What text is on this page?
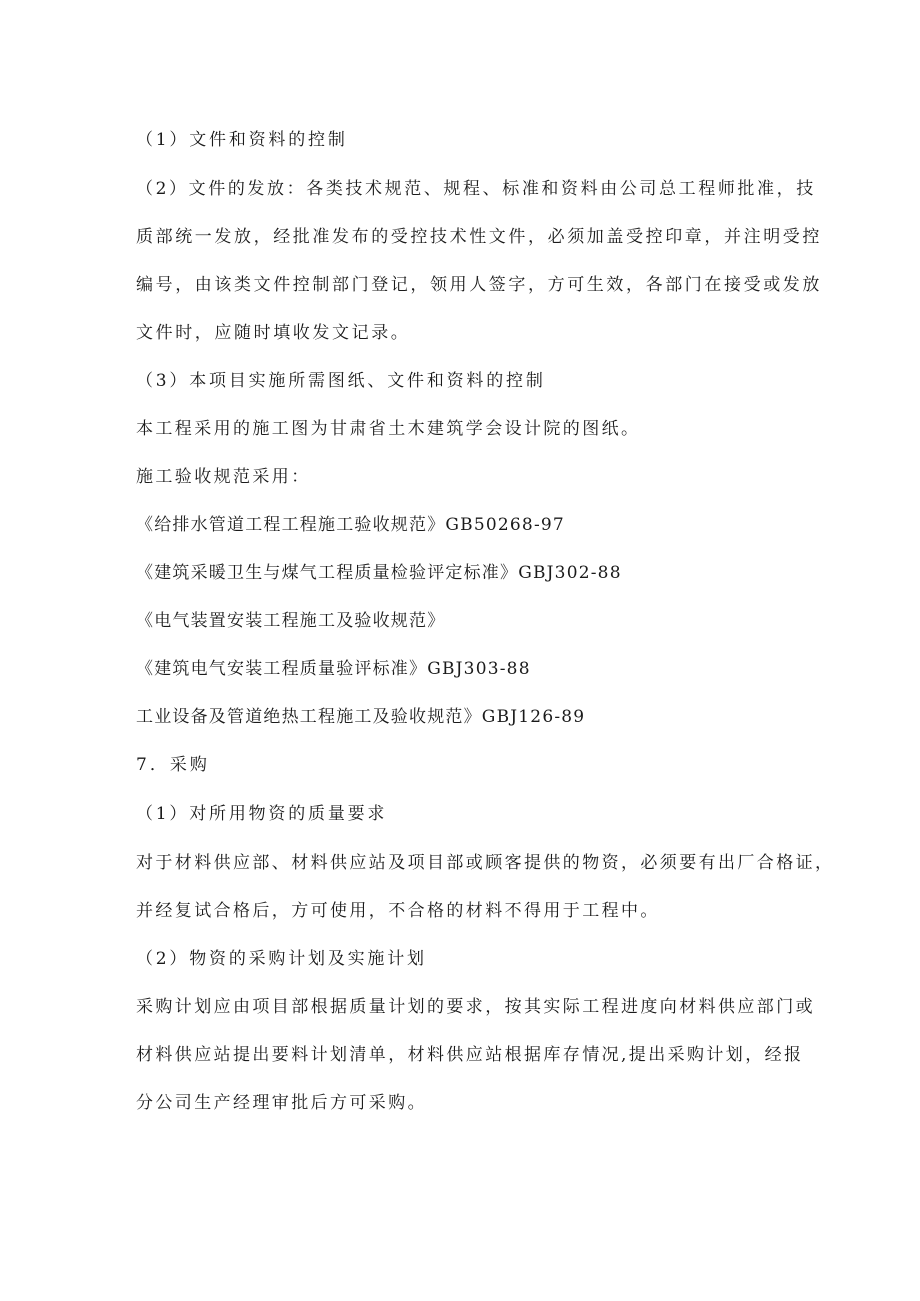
（1）文件和资料的控制

（2）文件的发放：各类技术规范、规程、标准和资料由公司总工程师批准，技

质部统一发放，经批准发布的受控技术性文件，必须加盖受控印章，并注明受控

编号，由该类文件控制部门登记，领用人签字，方可生效，各部门在接受或发放

文件时，应随时填收发文记录。

（3）本项目实施所需图纸、文件和资料的控制

本工程采用的施工图为甘肃省土木建筑学会设计院的图纸。

施工验收规范采用：

《给排水管道工程工程施工验收规范》GB50268-97

《建筑采暖卫生与煤气工程质量检验评定标准》GBJ302-88

《电气装置安装工程施工及验收规范》

《建筑电气安装工程质量验评标准》GBJ303-88

工业设备及管道绝热工程施工及验收规范》GBJ126-89

7．采购

（1）对所用物资的质量要求

对于材料供应部、材料供应站及项目部或顾客提供的物资，必须要有出厂合格证，

并经复试合格后，方可使用，不合格的材料不得用于工程中。

（2）物资的采购计划及实施计划

采购计划应由项目部根据质量计划的要求，按其实际工程进度向材料供应部门或

材料供应站提出要料计划清单，材料供应站根据库存情况,提出采购计划，经报

分公司生产经理审批后方可采购。
